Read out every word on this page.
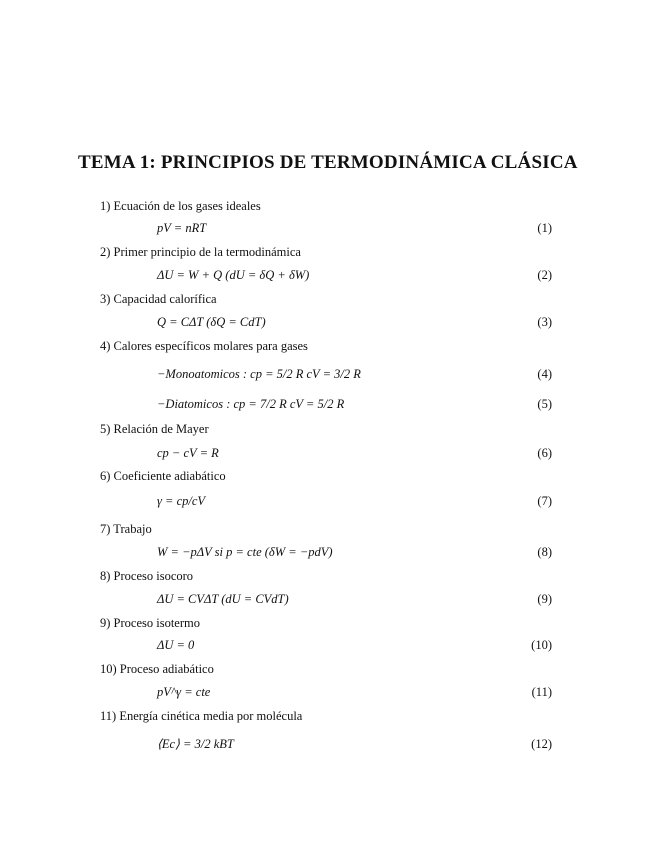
TEMA 1: PRINCIPIOS DE TERMODINÁMICA CLÁSICA
1) Ecuación de los gases ideales
pV = nRT	(1)
2) Primer principio de la termodinámica
ΔU = W + Q (dU = δQ + δW)	(2)
3) Capacidad calorífica
Q = CΔT (δQ = CdT)	(3)
4) Calores específicos molares para gases
−Monoatomicos : cp = 5/2 R cV = 3/2 R	(4)
−Diatomicos : cp = 7/2 R cV = 5/2 R	(5)
5) Relación de Mayer
cp − cV = R	(6)
6) Coeficiente adiabático
γ = cp/cV	(7)
7) Trabajo
W = −pΔV si p = cte (δW = −pdV)	(8)
8) Proceso isocoro
ΔU = CVΔT (dU = CVdT)	(9)
9) Proceso isotermo
ΔU = 0	(10)
10) Proceso adiabático
pV^γ = cte	(11)
11) Energía cinética media por molécula
⟨Ec⟩ = 3/2 kBT	(12)
